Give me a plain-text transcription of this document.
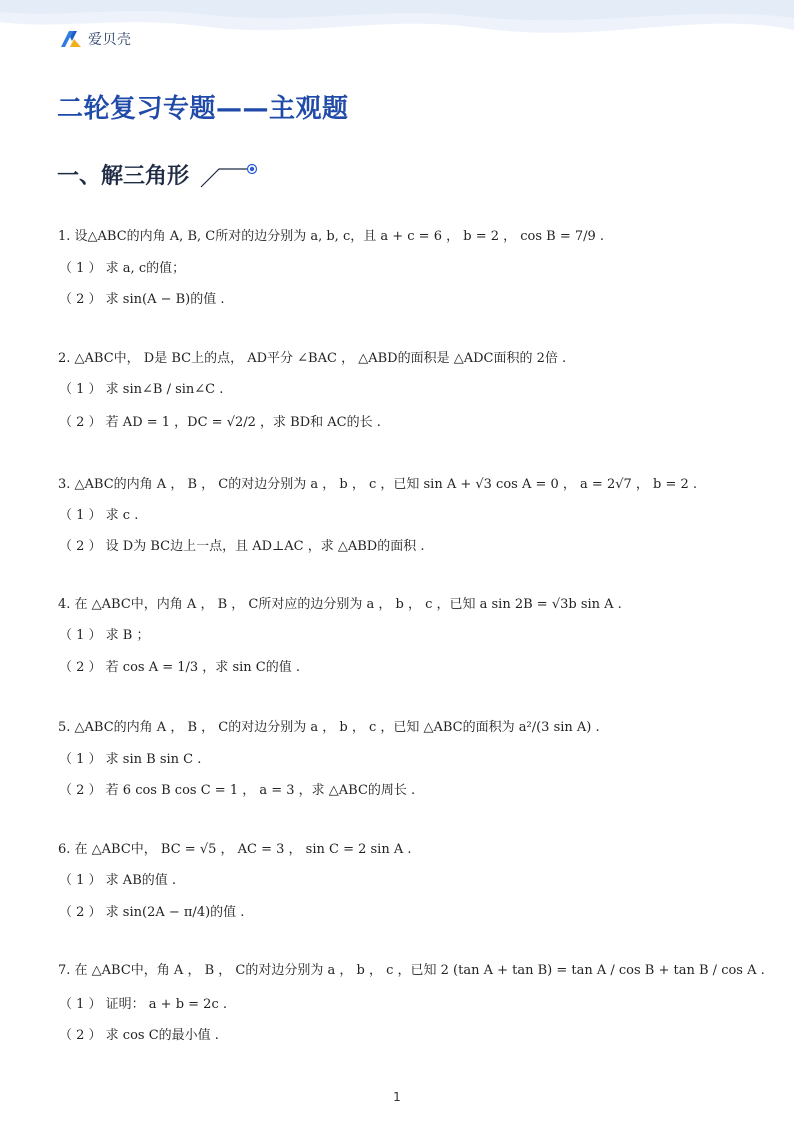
爱贝壳
二轮复习专题——主观题
一、解三角形
1. 设△ABC的内角 A, B, C所对的边分别为 a, b, c，且 a + c = 6 ， b = 2 ， cos B = 7/9 .
（ 1 ） 求 a, c的值；
（ 2 ） 求 sin(A − B)的值 .
2. △ABC中， D是 BC上的点， AD平分 ∠BAC ， △ABD的面积是 △ADC面积的 2倍 .
（ 1 ） 求 sin∠B / sin∠C .
（ 2 ） 若 AD = 1 ，DC = √2/2 ，求 BD和 AC的长 .
3. △ABC的内角 A ， B ， C的对边分别为 a ， b ， c ，已知 sin A + √3 cos A = 0 ， a = 2√7 ， b = 2 .
（ 1 ） 求 c .
（ 2 ） 设 D为 BC边上一点，且 AD⊥AC ，求 △ABD的面积 .
4. 在 △ABC中，内角 A ， B ， C所对应的边分别为 a ， b ， c ，已知 a sin 2B = √3b sin A .
（ 1 ） 求 B ；
（ 2 ） 若 cos A = 1/3 ，求 sin C的值 .
5. △ABC的内角 A ， B ， C的对边分别为 a ， b ， c ，已知 △ABC的面积为 a²/(3 sin A) .
（ 1 ） 求 sin B sin C .
（ 2 ） 若 6 cos B cos C = 1 ， a = 3 ，求 △ABC的周长 .
6. 在 △ABC中， BC = √5 ， AC = 3 ， sin C = 2 sin A .
（ 1 ） 求 AB的值 .
（ 2 ） 求 sin(2A − π/4)的值 .
7. 在 △ABC中，角 A ， B ， C的对边分别为 a ， b ， c ，已知 2 (tan A + tan B) = tan A / cos B + tan B / cos A .
（ 1 ） 证明： a + b = 2c .
（ 2 ） 求 cos C的最小值 .
1
